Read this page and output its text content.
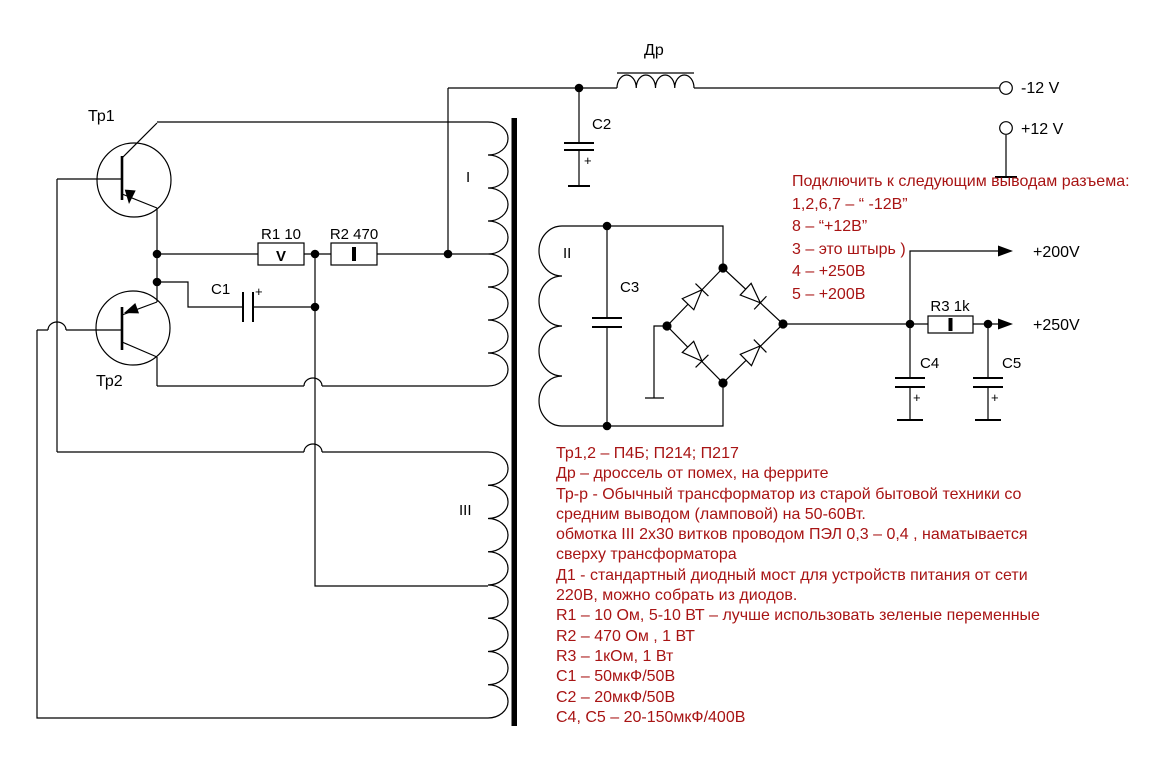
I
II
III
Тр1
Тр2
V
R1 10 R2 470
R3 1k
+
C1
+
C2
C3
+
C4
+
C5
Др
-12 V
+12 V
+200V
+250V
Подключить к следующим выводам разъема:
1,2,6,7 – “ -12В”
8 – “+12В”
3 – это штырь )
4 – +250В
5 – +200В
Тр1,2 – П4Б; П214; П217
Др – дроссель от помех, на феррите
Тр-р - Обычный трансформатор из старой бытовой техники со
средним выводом (ламповой) на 50-60Вт.
обмотка III 2х30 витков проводом ПЭЛ 0,3 – 0,4 , наматывается
сверху трансформатора
Д1 - стандартный диодный мост для устройств питания от сети
220В, можно собрать из диодов.
R1 – 10 Ом, 5-10 ВТ – лучше использовать зеленые переменные
R2 – 470 Ом , 1 ВТ
R3 – 1кОм, 1 Вт
С1 – 50мкФ/50В
С2 – 20мкФ/50В
С4, С5 – 20-150мкФ/400В
